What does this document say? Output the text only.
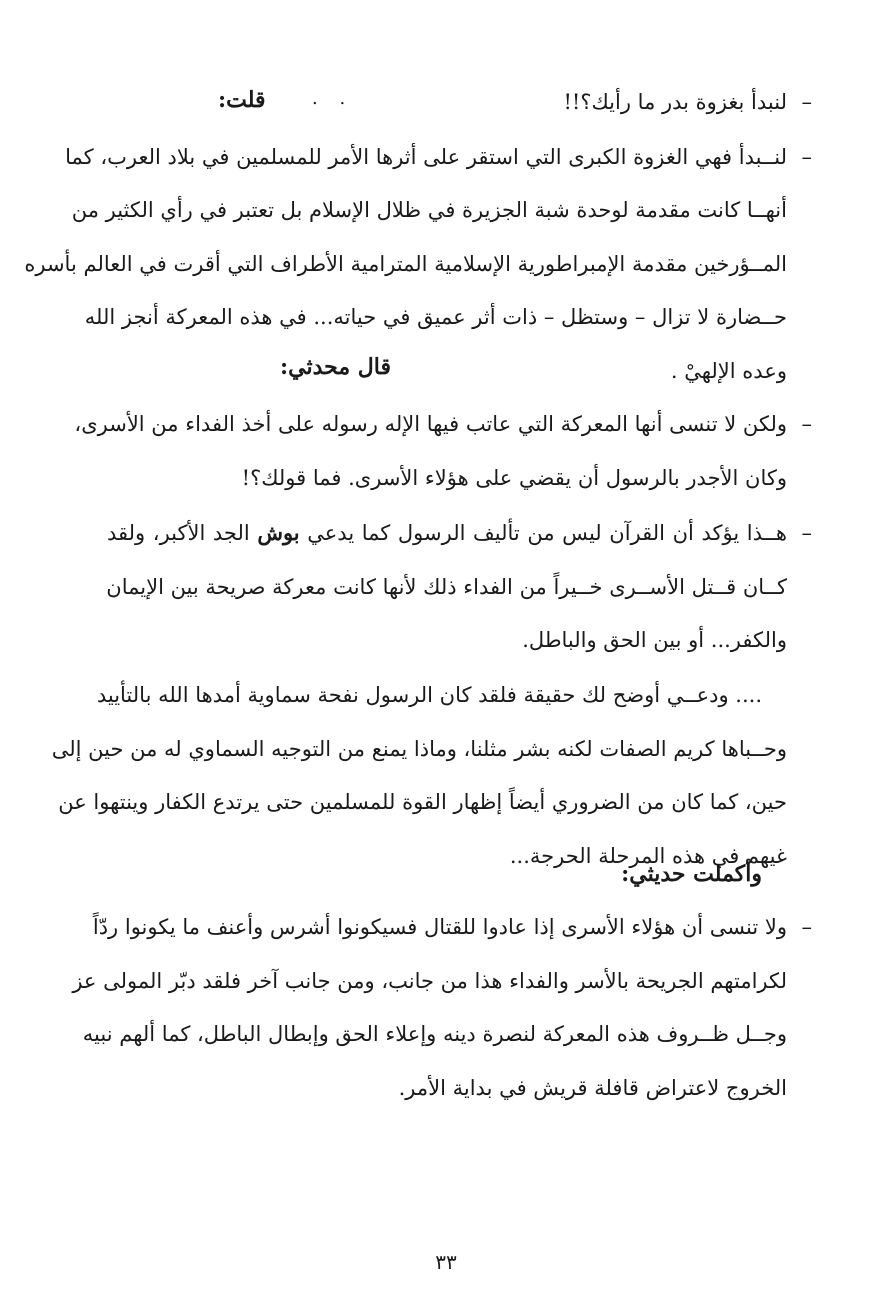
–لنبدأ بغزوة بدر ما رأيك؟!!
. .
قلت:
–لنــبدأ فهي الغزوة الكبرى التي استقر على أثرها الأمر للمسلمين في بلاد العرب، كما
أنهــا كانت مقدمة لوحدة شبة الجزيرة في ظلال الإسلام بل تعتبر في رأي الكثير من
المــؤرخين مقدمة الإمبراطورية الإسلامية المترامية الأطراف التي أقرت في العالم بأسره
حــضارة لا تزال – وستظل – ذات أثر عميق في حياته... في هذه المعركة أنجز الله
وعده الإلهيْ .
قال محدثي:
–ولكن لا تنسى أنها المعركة التي عاتب فيها الإله رسوله على أخذ الفداء من الأسرى،
وكان الأجدر بالرسول أن يقضي على هؤلاء الأسرى. فما قولك؟!
–هــذا يؤكد أن القرآن ليس من تأليف الرسول كما يدعي بوش الجد الأكبر، ولقد
كــان قــتل الأســرى خــيراً من الفداء ذلك لأنها كانت معركة صريحة بين الإيمان
والكفر... أو بين الحق والباطل.
.... ودعــي أوضح لك حقيقة فلقد كان الرسول نفحة سماوية أمدها الله بالتأييد
وحــباها كريم الصفات لكنه بشر مثلنا، وماذا يمنع من التوجيه السماوي له من حين إلى
حين، كما كان من الضروري أيضاً إظهار القوة للمسلمين حتى يرتدع الكفار وينتهوا عن
غيهم في هذه المرحلة الحرجة...
وأكملت حديثي:
–ولا تنسى أن هؤلاء الأسرى إذا عادوا للقتال فسيكونوا أشرس وأعنف ما يكونوا ردّاً
لكرامتهم الجريحة بالأسر والفداء هذا من جانب، ومن جانب آخر فلقد دبّر المولى عز
وجــل ظــروف هذه المعركة لنصرة دينه وإعلاء الحق وإبطال الباطل، كما ألهم نبيه
الخروج لاعتراض قافلة قريش في بداية الأمر.
٣٣
